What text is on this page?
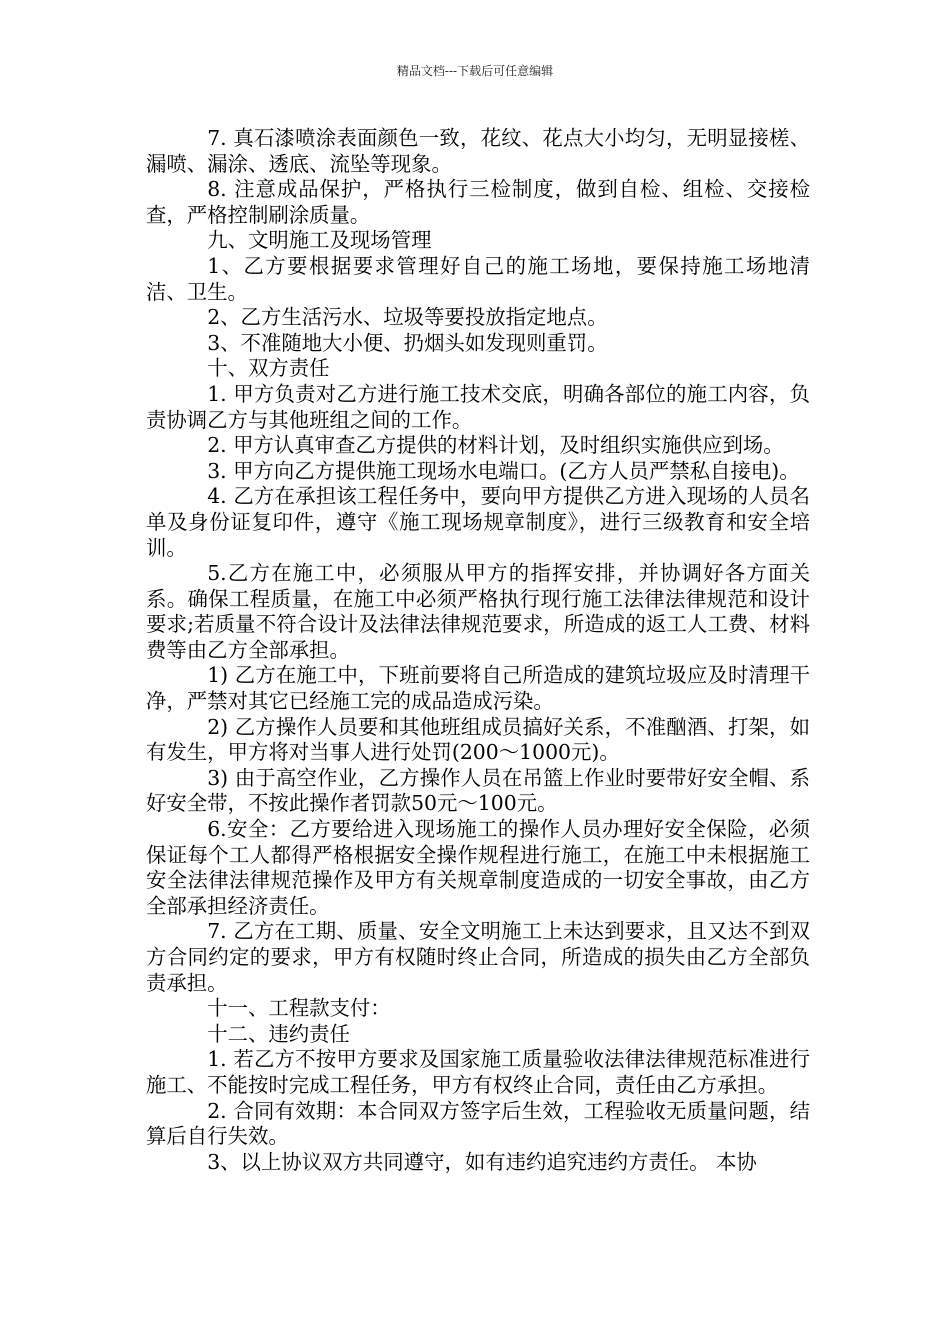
精品文档---下载后可任意编辑

7. 真石漆喷涂表面颜色一致，花纹、花点大小均匀，无明显接槎、漏喷、漏涂、透底、流坠等现象。

8. 注意成品保护，严格执行三检制度，做到自检、组检、交接检查，严格控制刷涂质量。

九、文明施工及现场管理

1、乙方要根据要求管理好自己的施工场地，要保持施工场地清洁、卫生。

2、乙方生活污水、垃圾等要投放指定地点。

3、不准随地大小便、扔烟头如发现则重罚。

十、双方责任

1. 甲方负责对乙方进行施工技术交底，明确各部位的施工内容，负责协调乙方与其他班组之间的工作。

2. 甲方认真审查乙方提供的材料计划，及时组织实施供应到场。

3. 甲方向乙方提供施工现场水电端口。(乙方人员严禁私自接电)。

4. 乙方在承担该工程任务中，要向甲方提供乙方进入现场的人员名单及身份证复印件，遵守《施工现场规章制度》，进行三级教育和安全培训。

5.乙方在施工中，必须服从甲方的指挥安排，并协调好各方面关系。确保工程质量，在施工中必须严格执行现行施工法律法律规范和设计要求;若质量不符合设计及法律法律规范要求，所造成的返工人工费、材料费等由乙方全部承担。

1) 乙方在施工中，下班前要将自己所造成的建筑垃圾应及时清理干净，严禁对其它已经施工完的成品造成污染。

2) 乙方操作人员要和其他班组成员搞好关系，不准酗酒、打架，如有发生，甲方将对当事人进行处罚(200～1000元)。

3) 由于高空作业，乙方操作人员在吊篮上作业时要带好安全帽、系好安全带，不按此操作者罚款50元～100元。

6.安全：乙方要给进入现场施工的操作人员办理好安全保险，必须保证每个工人都得严格根据安全操作规程进行施工，在施工中未根据施工安全法律法律规范操作及甲方有关规章制度造成的一切安全事故，由乙方全部承担经济责任。

7. 乙方在工期、质量、安全文明施工上未达到要求，且又达不到双方合同约定的要求，甲方有权随时终止合同，所造成的损失由乙方全部负责承担。

十一、工程款支付：

十二、违约责任

1. 若乙方不按甲方要求及国家施工质量验收法律法律规范标准进行施工、不能按时完成工程任务，甲方有权终止合同，责任由乙方承担。

2. 合同有效期：本合同双方签字后生效，工程验收无质量问题，结算后自行失效。

3、以上协议双方共同遵守，如有违约追究违约方责任。 本协
